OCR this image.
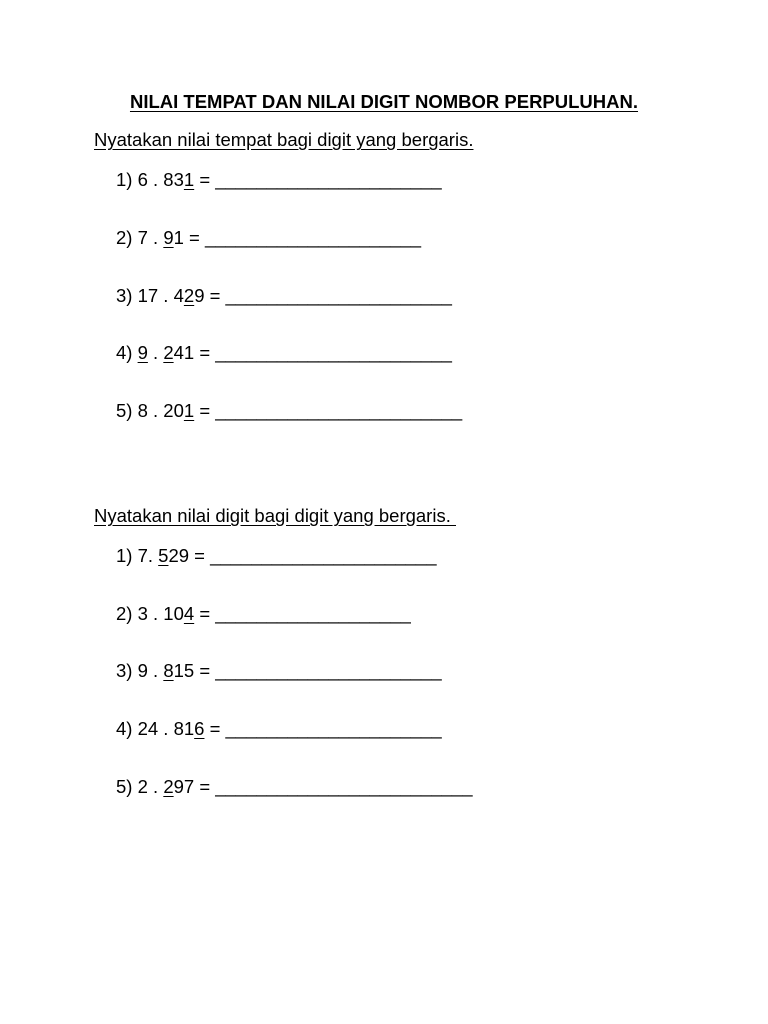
NILAI TEMPAT DAN NILAI DIGIT NOMBOR PERPULUHAN.
Nyatakan nilai tempat bagi digit yang bergaris.
1) 6 . 831 = ______________________
2) 7 . 91 = _____________________
3) 17 . 429 = ______________________
4) 9 . 241 = _______________________
5) 8 . 201 = ________________________
Nyatakan nilai digit bagi digit yang bergaris.
1) 7. 529 = ______________________
2) 3 . 104 = ___________________
3) 9 . 815 = ______________________
4) 24 . 816 = _____________________
5) 2 . 297 = _________________________
